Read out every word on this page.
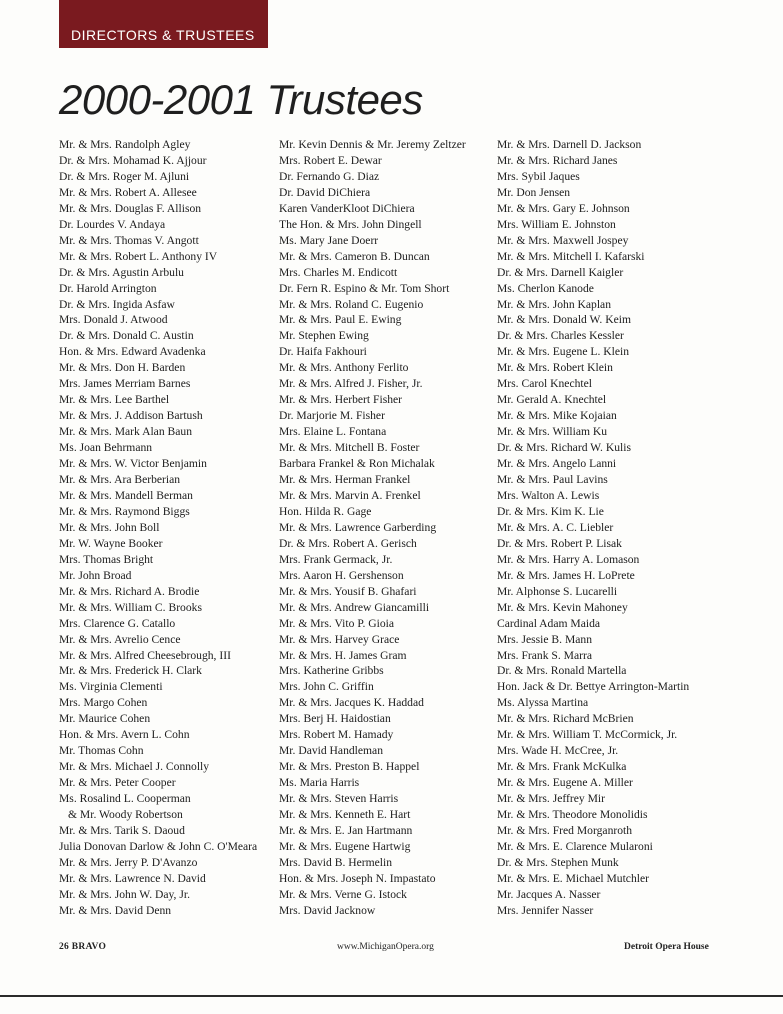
DIRECTORS & TRUSTEES
2000-2001 Trustees
Mr. & Mrs. Randolph Agley
Dr. & Mrs. Mohamad K. Ajjour
Dr. & Mrs. Roger M. Ajluni
Mr. & Mrs. Robert A. Allesee
Mr. & Mrs. Douglas F. Allison
Dr. Lourdes V. Andaya
Mr. & Mrs. Thomas V. Angott
Mr. & Mrs. Robert L. Anthony IV
Dr. & Mrs. Agustin Arbulu
Dr. Harold Arrington
Dr. & Mrs. Ingida Asfaw
Mrs. Donald J. Atwood
Dr. & Mrs. Donald C. Austin
Hon. & Mrs. Edward Avadenka
Mr. & Mrs. Don H. Barden
Mrs. James Merriam Barnes
Mr. & Mrs. Lee Barthel
Mr. & Mrs. J. Addison Bartush
Mr. & Mrs. Mark Alan Baun
Ms. Joan Behrmann
Mr. & Mrs. W. Victor Benjamin
Mr. & Mrs. Ara Berberian
Mr. & Mrs. Mandell Berman
Mr. & Mrs. Raymond Biggs
Mr. & Mrs. John Boll
Mr. W. Wayne Booker
Mrs. Thomas Bright
Mr. John Broad
Mr. & Mrs. Richard A. Brodie
Mr. & Mrs. William C. Brooks
Mrs. Clarence G. Catallo
Mr. & Mrs. Avrelio Cence
Mr. & Mrs. Alfred Cheesebrough, III
Mr. & Mrs. Frederick H. Clark
Ms. Virginia Clementi
Mrs. Margo Cohen
Mr. Maurice Cohen
Hon. & Mrs. Avern L. Cohn
Mr. Thomas Cohn
Mr. & Mrs. Michael J. Connolly
Mr. & Mrs. Peter Cooper
Ms. Rosalind L. Cooperman
& Mr. Woody Robertson
Mr. & Mrs. Tarik S. Daoud
Julia Donovan Darlow & John C. O'Meara
Mr. & Mrs. Jerry P. D'Avanzo
Mr. & Mrs. Lawrence N. David
Mr. & Mrs. John W. Day, Jr.
Mr. & Mrs. David Denn
Mr. Kevin Dennis & Mr. Jeremy Zeltzer
Mrs. Robert E. Dewar
Dr. Fernando G. Diaz
Dr. David DiChiera
Karen VanderKloot DiChiera
The Hon. & Mrs. John Dingell
Ms. Mary Jane Doerr
Mr. & Mrs. Cameron B. Duncan
Mrs. Charles M. Endicott
Dr. Fern R. Espino & Mr. Tom Short
Mr. & Mrs. Roland C. Eugenio
Mr. & Mrs. Paul E. Ewing
Mr. Stephen Ewing
Dr. Haifa Fakhouri
Mr. & Mrs. Anthony Ferlito
Mr. & Mrs. Alfred J. Fisher, Jr.
Mr. & Mrs. Herbert Fisher
Dr. Marjorie M. Fisher
Mrs. Elaine L. Fontana
Mr. & Mrs. Mitchell B. Foster
Barbara Frankel & Ron Michalak
Mr. & Mrs. Herman Frankel
Mr. & Mrs. Marvin A. Frenkel
Hon. Hilda R. Gage
Mr. & Mrs. Lawrence Garberding
Dr. & Mrs. Robert A. Gerisch
Mrs. Frank Germack, Jr.
Mrs. Aaron H. Gershenson
Mr. & Mrs. Yousif B. Ghafari
Mr. & Mrs. Andrew Giancamilli
Mr. & Mrs. Vito P. Gioia
Mr. & Mrs. Harvey Grace
Mr. & Mrs. H. James Gram
Mrs. Katherine Gribbs
Mrs. John C. Griffin
Mr. & Mrs. Jacques K. Haddad
Mrs. Berj H. Haidostian
Mrs. Robert M. Hamady
Mr. David Handleman
Mr. & Mrs. Preston B. Happel
Ms. Maria Harris
Mr. & Mrs. Steven Harris
Mr. & Mrs. Kenneth E. Hart
Mr. & Mrs. E. Jan Hartmann
Mr. & Mrs. Eugene Hartwig
Mrs. David B. Hermelin
Hon. & Mrs. Joseph N. Impastato
Mr. & Mrs. Verne G. Istock
Mrs. David Jacknow
Mr. & Mrs. Darnell D. Jackson
Mr. & Mrs. Richard Janes
Mrs. Sybil Jaques
Mr. Don Jensen
Mr. & Mrs. Gary E. Johnson
Mrs. William E. Johnston
Mr. & Mrs. Maxwell Jospey
Mr. & Mrs. Mitchell I. Kafarski
Dr. & Mrs. Darnell Kaigler
Ms. Cherlon Kanode
Mr. & Mrs. John Kaplan
Mr. & Mrs. Donald W. Keim
Dr. & Mrs. Charles Kessler
Mr. & Mrs. Eugene L. Klein
Mr. & Mrs. Robert Klein
Mrs. Carol Knechtel
Mr. Gerald A. Knechtel
Mr. & Mrs. Mike Kojaian
Mr. & Mrs. William Ku
Dr. & Mrs. Richard W. Kulis
Mr. & Mrs. Angelo Lanni
Mr. & Mrs. Paul Lavins
Mrs. Walton A. Lewis
Dr. & Mrs. Kim K. Lie
Mr. & Mrs. A. C. Liebler
Dr. & Mrs. Robert P. Lisak
Mr. & Mrs. Harry A. Lomason
Mr. & Mrs. James H. LoPrete
Mr. Alphonse S. Lucarelli
Mr. & Mrs. Kevin Mahoney
Cardinal Adam Maida
Mrs. Jessie B. Mann
Mrs. Frank S. Marra
Dr. & Mrs. Ronald Martella
Hon. Jack & Dr. Bettye Arrington-Martin
Ms. Alyssa Martina
Mr. & Mrs. Richard McBrien
Mr. & Mrs. William T. McCormick, Jr.
Mrs. Wade H. McCree, Jr.
Mr. & Mrs. Frank McKulka
Mr. & Mrs. Eugene A. Miller
Mr. & Mrs. Jeffrey Mir
Mr. & Mrs. Theodore Monolidis
Mr. & Mrs. Fred Morganroth
Mr. & Mrs. E. Clarence Mularoni
Dr. & Mrs. Stephen Munk
Mr. & Mrs. E. Michael Mutchler
Mr. Jacques A. Nasser
Mrs. Jennifer Nasser
26 BRAVO	www.MichiganOpera.org	Detroit Opera House
